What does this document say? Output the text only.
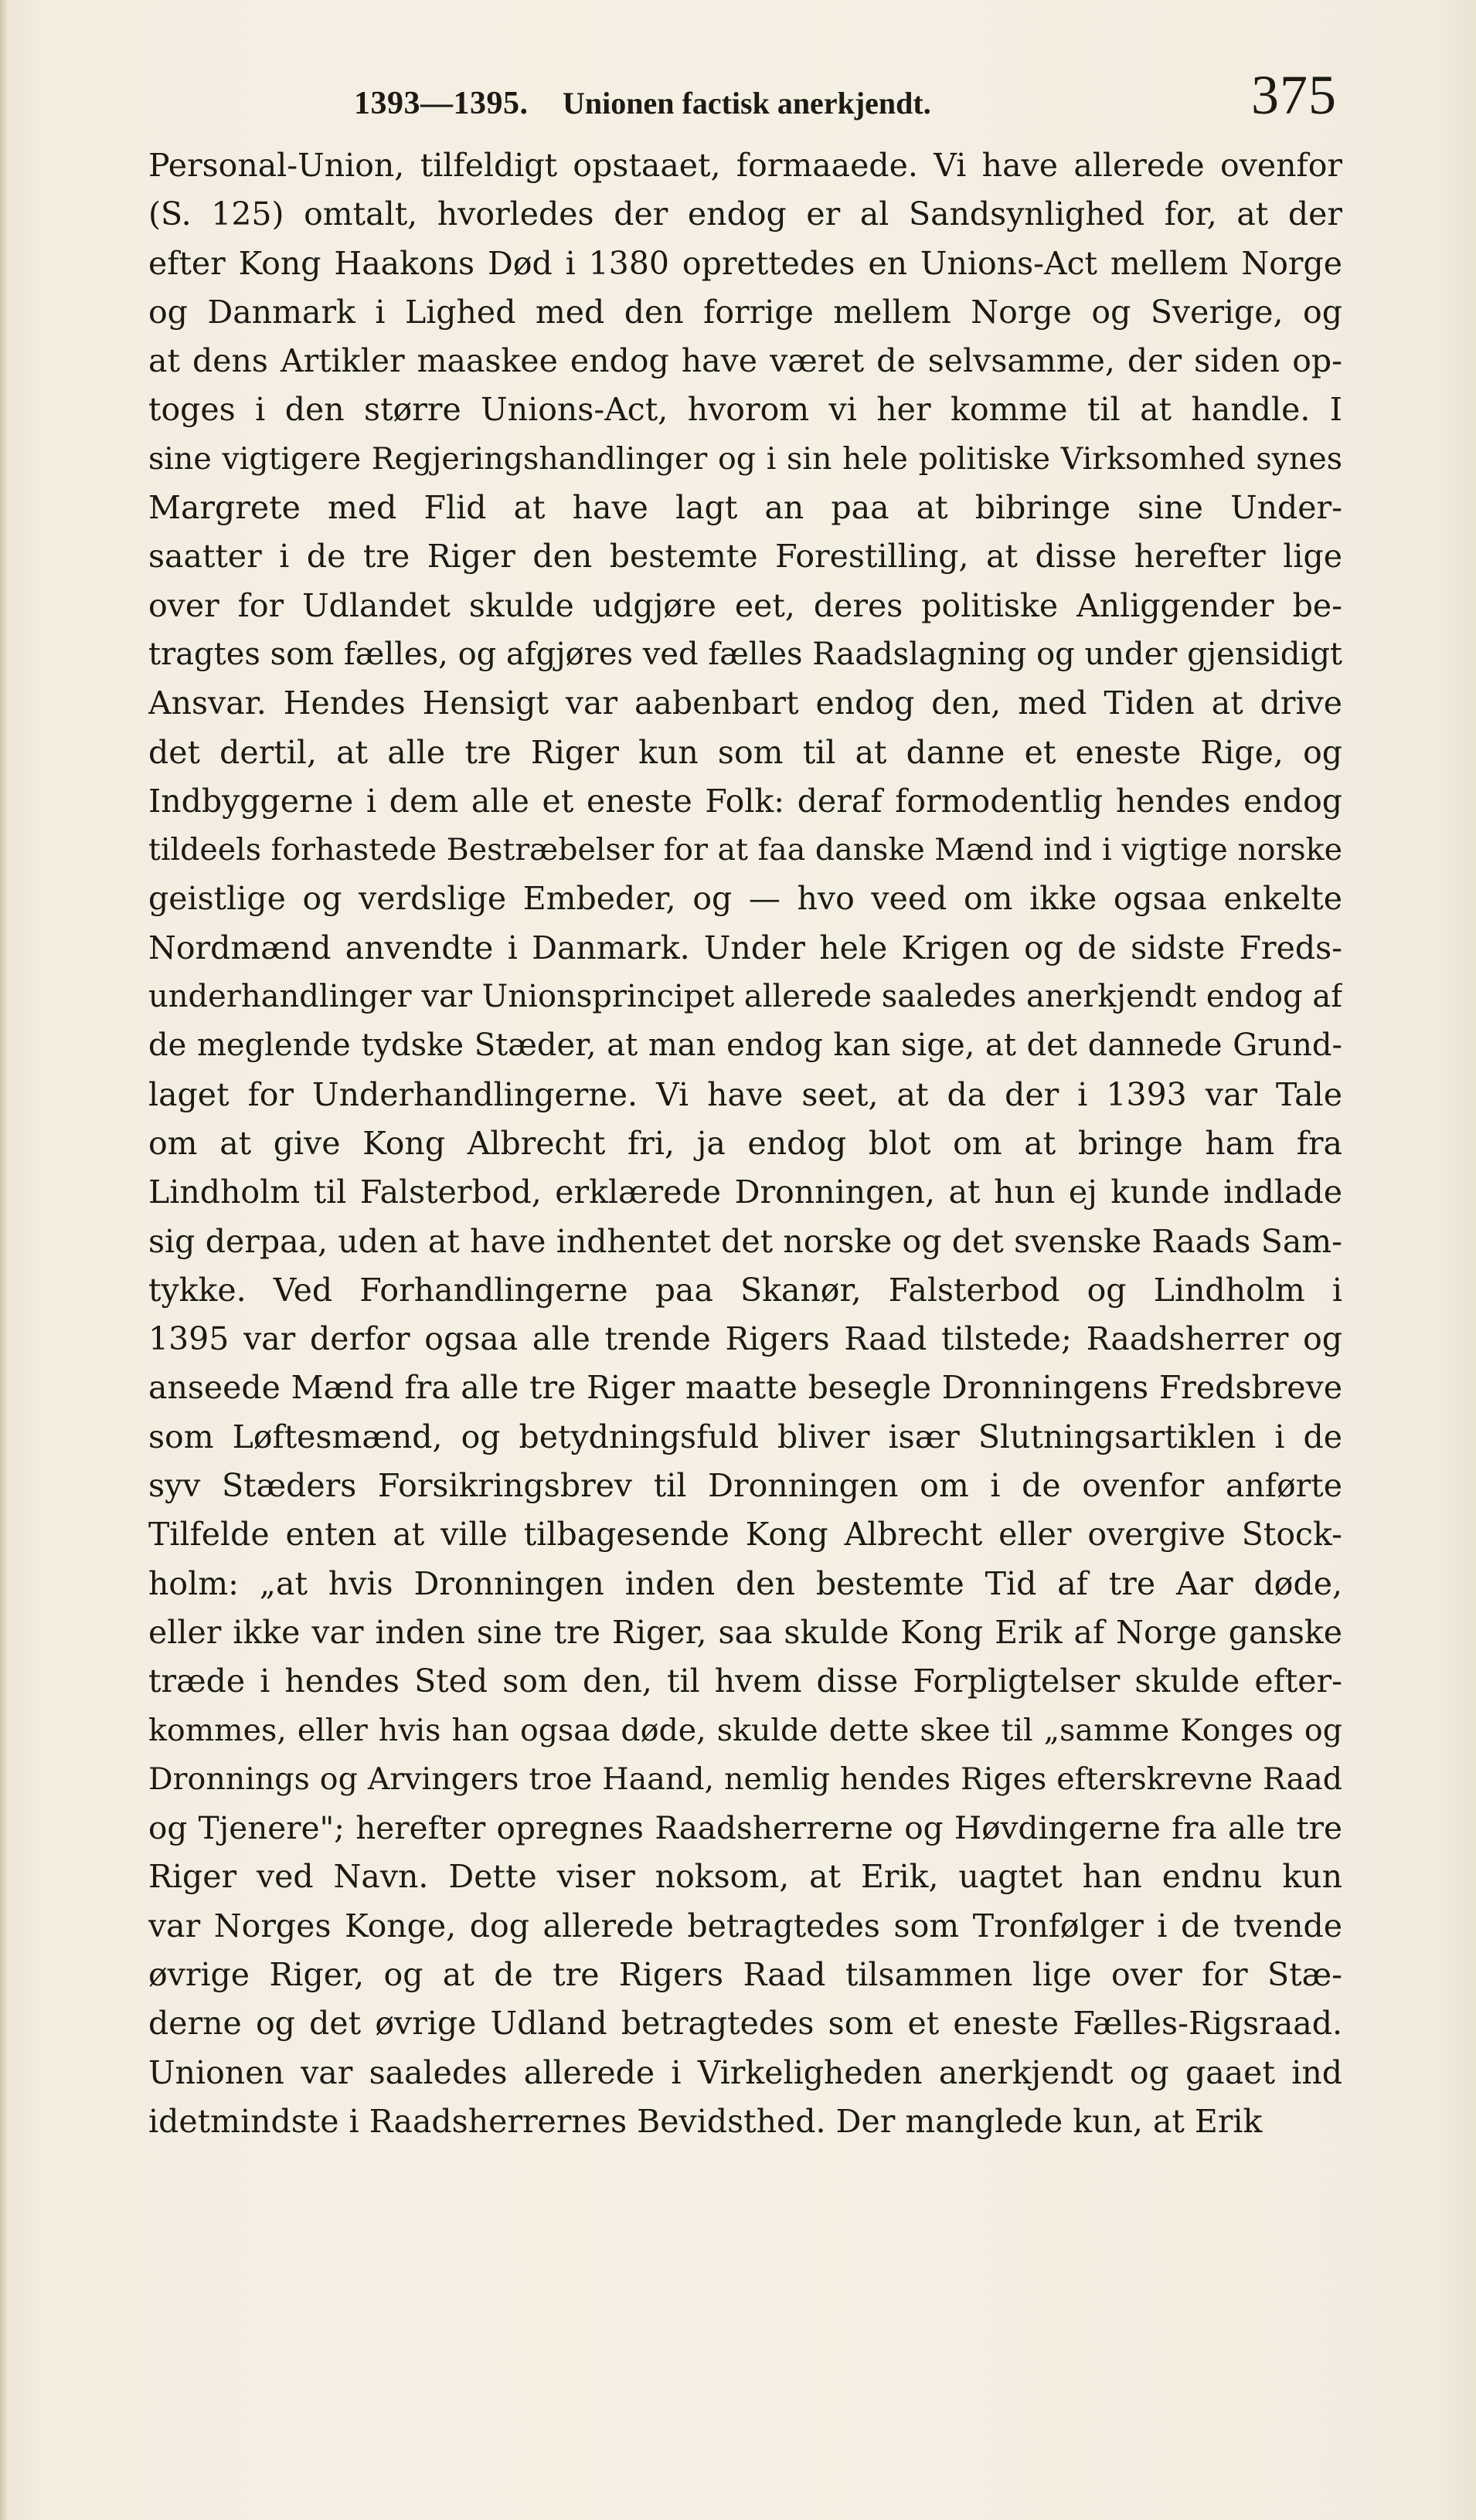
1393—1395. Unionen factisk anerkjendt.	375
Personal-Union, tilfeldigt opstaaet, formaaede. Vi have allerede ovenfor
(S. 125) omtalt, hvorledes der endog er al Sandsynlighed for, at der
efter Kong Haakons Død i 1380 oprettedes en Unions-Act mellem Norge
og Danmark i Lighed med den forrige mellem Norge og Sverige, og
at dens Artikler maaskee endog have været de selvsamme, der siden op-
toges i den større Unions-Act, hvorom vi her komme til at handle. I
sine vigtigere Regjeringshandlinger og i sin hele politiske Virksomhed synes
Margrete med Flid at have lagt an paa at bibringe sine Under-
saatter i de tre Riger den bestemte Forestilling, at disse herefter lige
over for Udlandet skulde udgjøre eet, deres politiske Anliggender be-
tragtes som fælles, og afgjøres ved fælles Raadslagning og under gjensidigt
Ansvar. Hendes Hensigt var aabenbart endog den, med Tiden at drive
det dertil, at alle tre Riger kun som til at danne et eneste Rige, og
Indbyggerne i dem alle et eneste Folk: deraf formodentlig hendes endog
tildeels forhastede Bestræbelser for at faa danske Mænd ind i vigtige norske
geistlige og verdslige Embeder, og — hvo veed om ikke ogsaa enkelte
Nordmænd anvendte i Danmark. Under hele Krigen og de sidste Freds-
underhandlinger var Unionsprincipet allerede saaledes anerkjendt endog af
de meglende tydske Stæder, at man endog kan sige, at det dannede Grund-
laget for Underhandlingerne. Vi have seet, at da der i 1393 var Tale
om at give Kong Albrecht fri, ja endog blot om at bringe ham fra
Lindholm til Falsterbod, erklærede Dronningen, at hun ej kunde indlade
sig derpaa, uden at have indhentet det norske og det svenske Raads Sam-
tykke. Ved Forhandlingerne paa Skanør, Falsterbod og Lindholm i
1395 var derfor ogsaa alle trende Rigers Raad tilstede; Raadsherrer og
anseede Mænd fra alle tre Riger maatte besegle Dronningens Fredsbreve
som Løftesmænd, og betydningsfuld bliver især Slutningsartiklen i de
syv Stæders Forsikringsbrev til Dronningen om i de ovenfor anførte
Tilfelde enten at ville tilbagesende Kong Albrecht eller overgive Stock-
holm: „at hvis Dronningen inden den bestemte Tid af tre Aar døde,
eller ikke var inden sine tre Riger, saa skulde Kong Erik af Norge ganske
træde i hendes Sted som den, til hvem disse Forpligtelser skulde efter-
kommes, eller hvis han ogsaa døde, skulde dette skee til „samme Konges og
Dronnings og Arvingers troe Haand, nemlig hendes Riges efterskrevne Raad
og Tjenere"; herefter opregnes Raadsherrerne og Høvdingerne fra alle tre
Riger ved Navn. Dette viser noksom, at Erik, uagtet han endnu kun
var Norges Konge, dog allerede betragtedes som Tronfølger i de tvende
øvrige Riger, og at de tre Rigers Raad tilsammen lige over for Stæ-
derne og det øvrige Udland betragtedes som et eneste Fælles-Rigsraad.
Unionen var saaledes allerede i Virkeligheden anerkjendt og gaaet ind
idetmindste i Raadsherrernes Bevidsthed. Der manglede kun, at Erik
